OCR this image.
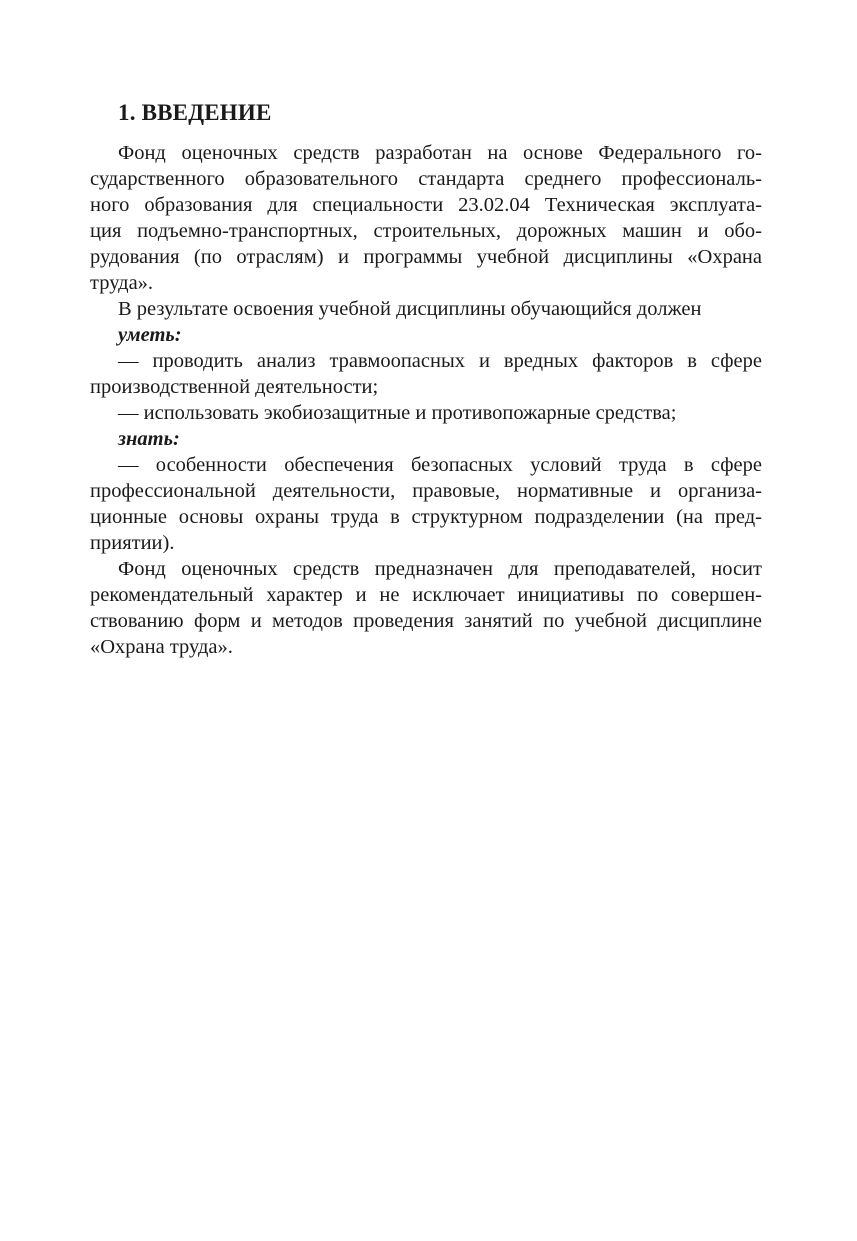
1. ВВЕДЕНИЕ
Фонд оценочных средств разработан на основе Федерального го-
сударственного образовательного стандарта среднего профессиональ-
ного образования для специальности 23.02.04 Техническая эксплуата-
ция подъемно-транспортных, строительных, дорожных машин и обо-
рудования (по отраслям) и программы учебной дисциплины «Охрана
труда».
В результате освоения учебной дисциплины обучающийся должен
уметь:
— проводить анализ травмоопасных и вредных факторов в сфере
производственной деятельности;
— использовать экобиозащитные и противопожарные средства;
знать:
— особенности обеспечения безопасных условий труда в сфере
профессиональной деятельности, правовые, нормативные и организа-
ционные основы охраны труда в структурном подразделении (на пред-
приятии).
Фонд оценочных средств предназначен для преподавателей, носит
рекомендательный характер и не исключает инициативы по совершен-
ствованию форм и методов проведения занятий по учебной дисциплине
«Охрана труда».
